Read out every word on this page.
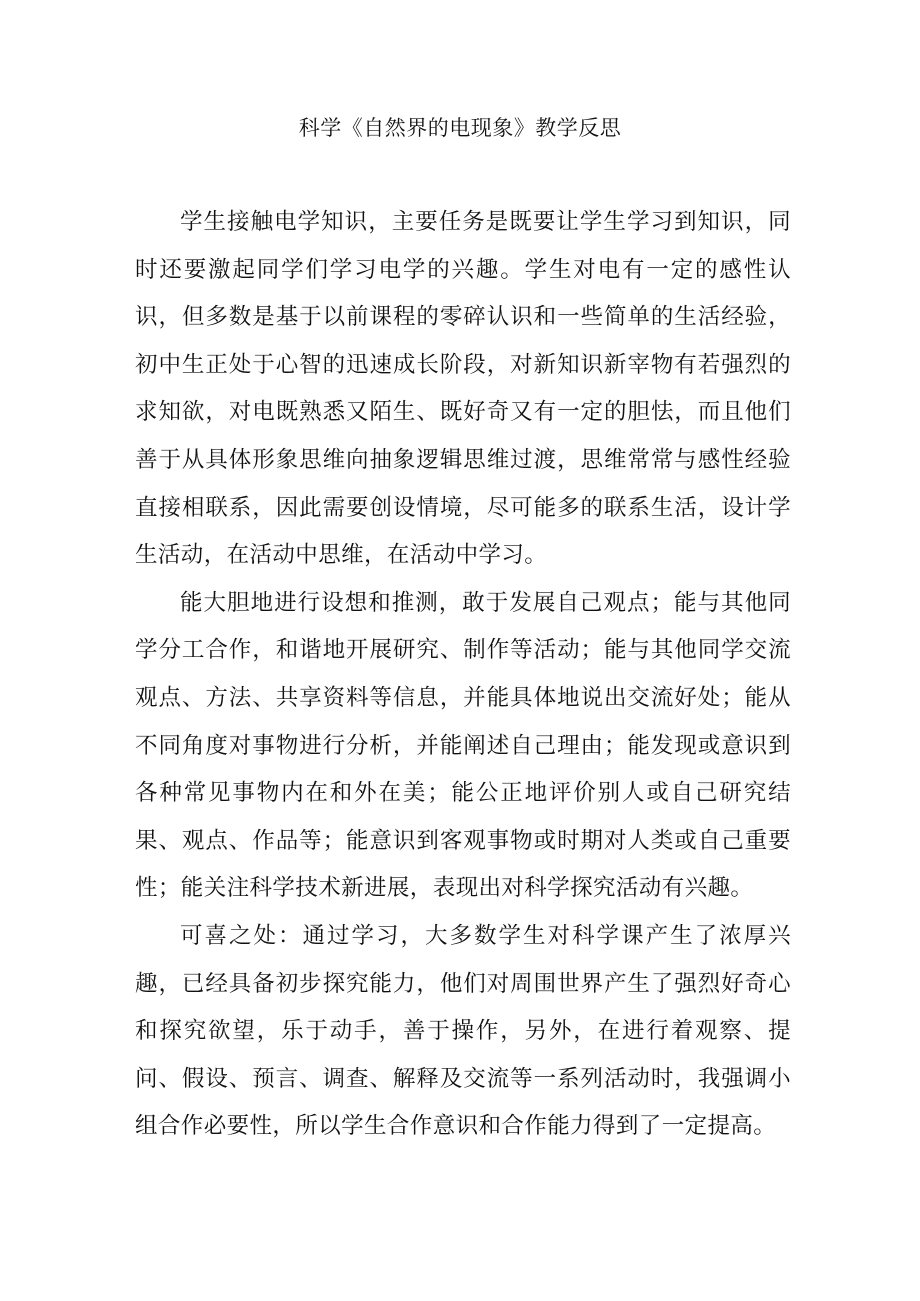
科学《自然界的电现象》教学反思

学生接触电学知识，主要任务是既要让学生学习到知识，同时还要激起同学们学习电学的兴趣。学生对电有一定的感性认识，但多数是基于以前课程的零碎认识和一些简单的生活经验，初中生正处于心智的迅速成长阶段，对新知识新宰物有若强烈的求知欲，对电既熟悉又陌生、既好奇又有一定的胆怯，而且他们善于从具体形象思维向抽象逻辑思维过渡，思维常常与感性经验直接相联系，因此需要创设情境，尽可能多的联系生活，设计学生活动，在活动中思维，在活动中学习。

能大胆地进行设想和推测，敢于发展自己观点；能与其他同学分工合作，和谐地开展研究、制作等活动；能与其他同学交流观点、方法、共享资料等信息，并能具体地说出交流好处；能从不同角度对事物进行分析，并能阐述自己理由；能发现或意识到各种常见事物内在和外在美；能公正地评价别人或自己研究结果、观点、作品等；能意识到客观事物或时期对人类或自己重要性；能关注科学技术新进展，表现出对科学探究活动有兴趣。

可喜之处：通过学习，大多数学生对科学课产生了浓厚兴趣，已经具备初步探究能力，他们对周围世界产生了强烈好奇心和探究欲望，乐于动手，善于操作，另外，在进行着观察、提问、假设、预言、调查、解释及交流等一系列活动时，我强调小组合作必要性，所以学生合作意识和合作能力得到了一定提高。
